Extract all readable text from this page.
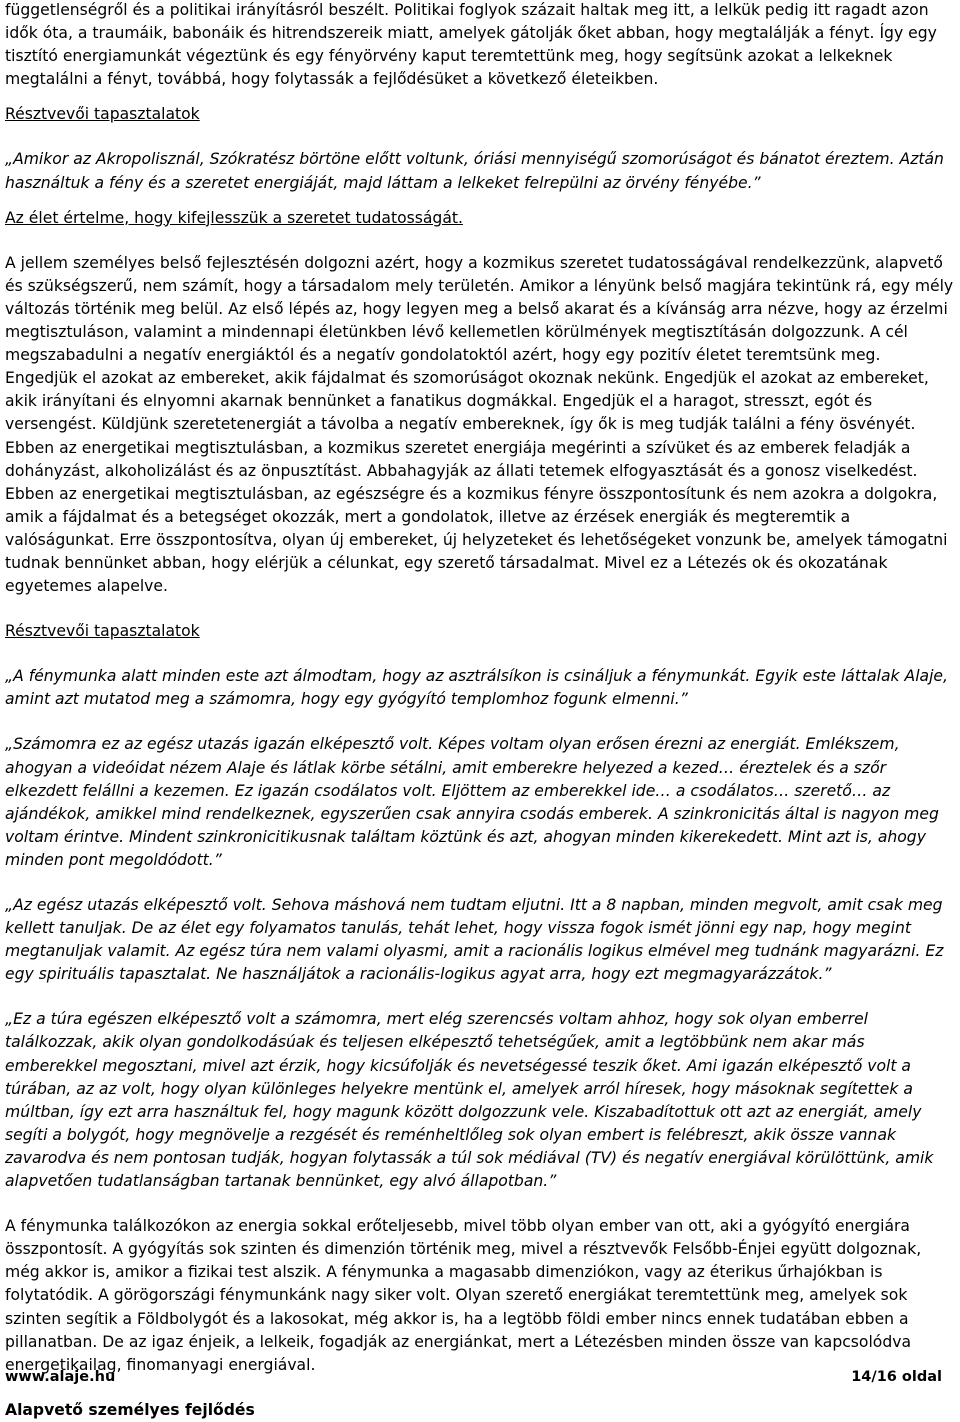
függetlenségről és a politikai irányításról beszélt. Politikai foglyok százait haltak meg itt, a lelkük pedig itt ragadt azon idők óta, a traumáik, babonáik és hitrendszereik miatt, amelyek gátolják őket abban, hogy megtalálják a fényt. Így egy tisztító energiamunkát végeztünk és egy fényörvény kaput teremtettünk meg, hogy segítsünk azokat a lelkeknek megtalálni a fényt, továbbá, hogy folytassák a fejlődésüket a következő életeikben.

Résztvevői tapasztalatok

„Amikor az Akropolisznál, Szókratész börtöne előtt voltunk, óriási mennyiségű szomorúságot és bánatot éreztem. Aztán használtuk a fény és a szeretet energiáját, majd láttam a lelkeket felrepülni az örvény fényébe.”

Az élet értelme, hogy kifejlesszük a szeretet tudatosságát.

A jellem személyes belső fejlesztésén dolgozni azért, hogy a kozmikus szeretet tudatosságával rendelkezzünk, alapvető és szükségszerű, nem számít, hogy a társadalom mely területén. Amikor a lényünk belső magjára tekintünk rá, egy mély változás történik meg belül. Az első lépés az, hogy legyen meg a belső akarat és a kívánság arra nézve, hogy az érzelmi megtisztuláson, valamint a mindennapi életünkben lévő kellemetlen körülmények megtisztításán dolgozzunk. A cél megszabadulni a negatív energiáktól és a negatív gondolatoktól azért, hogy egy pozitív életet teremtsünk meg. Engedjük el azokat az embereket, akik fájdalmat és szomorúságot okoznak nekünk. Engedjük el azokat az embereket, akik irányítani és elnyomni akarnak bennünket a fanatikus dogmákkal. Engedjük el a haragot, stresszt, egót és versengést. Küldjünk szeretetenergiát a távolba a negatív embereknek, így ők is meg tudják találni a fény ösvényét. Ebben az energetikai megtisztulásban, a kozmikus szeretet energiája megérinti a szívüket és az emberek feladják a dohányzást, alkoholizálást és az önpusztítást. Abbahagyják az állati tetemek elfogyasztását és a gonosz viselkedést. Ebben az energetikai megtisztulásban, az egészségre és a kozmikus fényre összpontosítunk és nem azokra a dolgokra, amik a fájdalmat és a betegséget okozzák, mert a gondolatok, illetve az érzések energiák és megteremtik a valóságunkat. Erre összpontosítva, olyan új embereket, új helyzeteket és lehetőségeket vonzunk be, amelyek támogatni tudnak bennünket abban, hogy elérjük a célunkat, egy szerető társadalmat. Mivel ez a Létezés ok és okozatának egyetemes alapelve.

Résztvevői tapasztalatok

„A fénymunka alatt minden este azt álmodtam, hogy az asztrálsíkon is csináljuk a fénymunkát. Egyik este láttalak Alaje, amint azt mutatod meg a számomra, hogy egy gyógyító templomhoz fogunk elmenni.”

„Számomra ez az egész utazás igazán elképesztő volt. Képes voltam olyan erősen érezni az energiát. Emlékszem, ahogyan a videóidat nézem Alaje és látlak körbe sétálni, amit emberekre helyezed a kezed… éreztelek és a szőr elkezdett felállni a kezemen. Ez igazán csodálatos volt. Eljöttem az emberekkel ide… a csodálatos… szerető… az ajándékok, amikkel mind rendelkeznek, egyszerűen csak annyira csodás emberek. A szinkronicitás által is nagyon meg voltam érintve. Mindent szinkronicitikusnak találtam köztünk és azt, ahogyan minden kikerekedett. Mint azt is, ahogy minden pont megoldódott.”

„Az egész utazás elképesztő volt. Sehova máshová nem tudtam eljutni. Itt a 8 napban, minden megvolt, amit csak meg kellett tanuljak. De az élet egy folyamatos tanulás, tehát lehet, hogy vissza fogok ismét jönni egy nap, hogy megint megtanuljak valamit. Az egész túra nem valami olyasmi, amit a racionális logikus elmével meg tudnánk magyarázni. Ez egy spirituális tapasztalat. Ne használjátok a racionális-logikus agyat arra, hogy ezt megmagyarázzátok.”

„Ez a túra egészen elképesztő volt a számomra, mert elég szerencsés voltam ahhoz, hogy sok olyan emberrel találkozzak, akik olyan gondolkodásúak és teljesen elképesztő tehetségűek, amit a legtöbbünk nem akar más emberekkel megosztani, mivel azt érzik, hogy kicsúfolják és nevetségessé teszik őket. Ami igazán elképesztő volt a túrában, az az volt, hogy olyan különleges helyekre mentünk el, amelyek arról híresek, hogy másoknak segítettek a múltban, így ezt arra használtuk fel, hogy magunk között dolgozzunk vele. Kiszabadítottuk ott azt az energiát, amely segíti a bolygót, hogy megnövelje a rezgését és reménheltlőleg sok olyan embert is felébreszt, akik össze vannak zavarodva és nem pontosan tudják, hogyan folytassák a túl sok médiával (TV) és negatív energiával körülöttünk, amik alapvetően tudatlanságban tartanak bennünket, egy alvó állapotban.”

A fénymunka találkozókon az energia sokkal erőteljesebb, mivel több olyan ember van ott, aki a gyógyító energiára összpontosít. A gyógyítás sok szinten és dimenzión történik meg, mivel a résztvevők Felsőbb-Énjei együtt dolgoznak, még akkor is, amikor a fizikai test alszik. A fénymunka a magasabb dimenziókon, vagy az éterikus űrhajókban is folytatódik. A görögországi fénymunkánk nagy siker volt. Olyan szerető energiákat teremtettünk meg, amelyek sok szinten segítik a Földbolygót és a lakosokat, még akkor is, ha a legtöbb földi ember nincs ennek tudatában ebben a pillanatban. De az igaz énjeik, a lelkeik, fogadják az energiánkat, mert a Létezésben minden össze van kapcsolódva energetikailag, finomanyagi energiával.

Alapvető személyes fejlődés

www.alaje.hu	14/16 oldal
